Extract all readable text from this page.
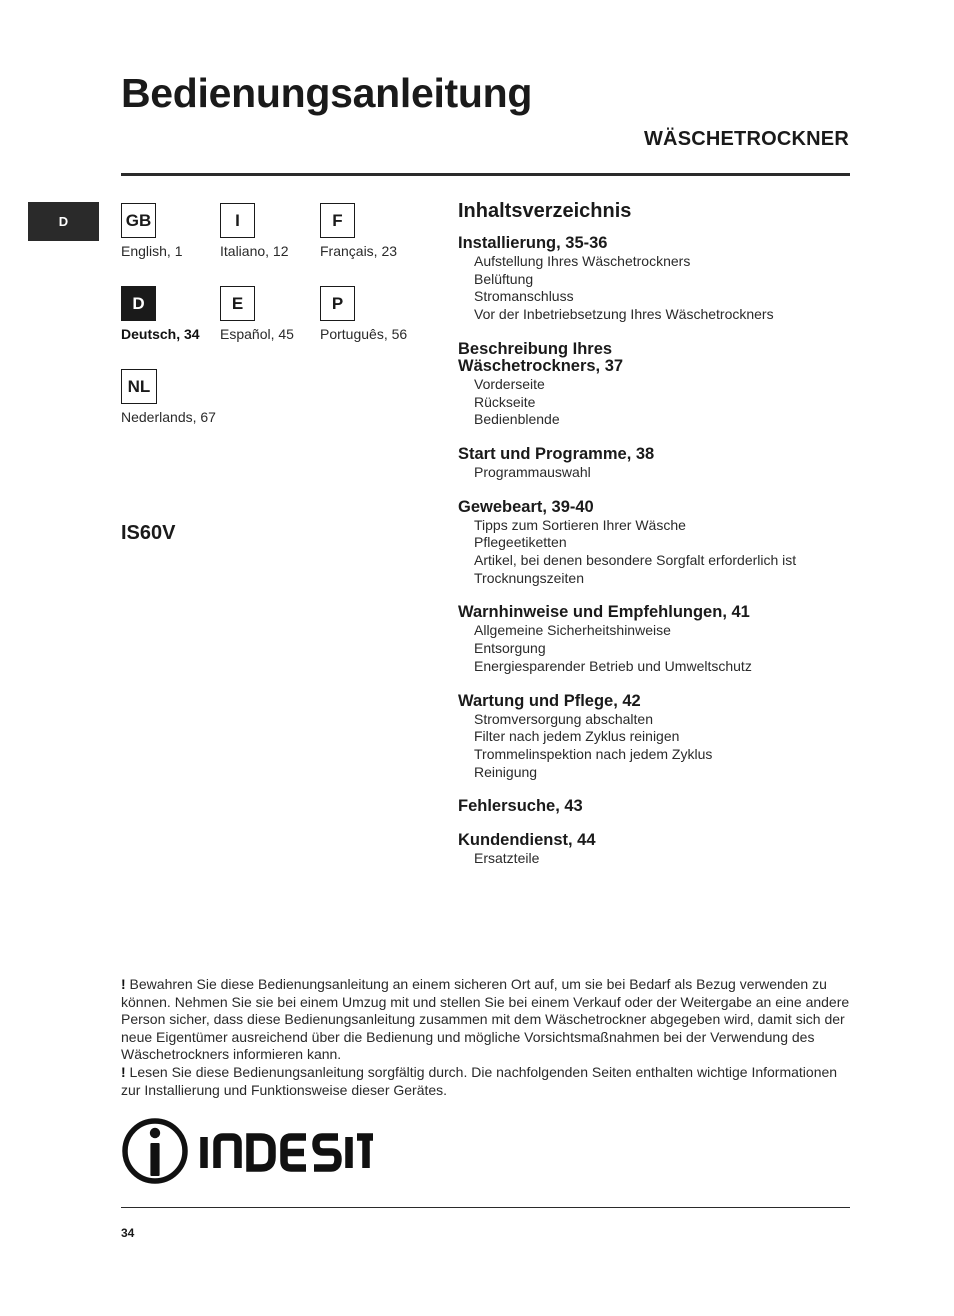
Bedienungsanleitung
WÄSCHETROCKNER
D	GB
English, 1
I
Italiano, 12
F
Français, 23
D
Deutsch, 34
E
Español, 45
P
Português, 56
NL
Nederlands, 67
IS60V
Inhaltsverzeichnis
Installierung, 35-36
Aufstellung Ihres Wäschetrockners
Belüftung
Stromanschluss
Vor der Inbetriebsetzung Ihres Wäschetrockners
Beschreibung Ihres
Wäschetrockners, 37
Vorderseite
Rückseite
Bedienblende
Start und Programme, 38
Programmauswahl
Gewebeart, 39-40
Tipps zum Sortieren Ihrer Wäsche
Pflegeetiketten
Artikel, bei denen besondere Sorgfalt erforderlich ist
Trocknungszeiten
Warnhinweise und Empfehlungen, 41
Allgemeine Sicherheitshinweise
Entsorgung
Energiesparender Betrieb und Umweltschutz
Wartung und Pflege, 42
Stromversorgung abschalten
Filter nach jedem Zyklus reinigen
Trommelinspektion nach jedem Zyklus
Reinigung
Fehlersuche, 43
Kundendienst, 44
Ersatzteile

! Bewahren Sie diese Bedienungsanleitung an einem sicheren Ort auf, um sie bei Bedarf als Bezug verwenden zu können. Nehmen Sie sie bei einem Umzug mit und stellen Sie bei einem Verkauf oder der Weitergabe an eine andere Person sicher, dass diese Bedienungsanleitung zusammen mit dem Wäschetrockner abgegeben wird, damit sich der neue Eigentümer ausreichend über die Bedienung und mögliche Vorsichtsmaßnahmen bei der Verwendung des Wäschetrockners informieren kann.

! Lesen Sie diese Bedienungsanleitung sorgfältig durch. Die nachfolgenden Seiten enthalten wichtige Informationen zur Installierung und Funktionsweise dieser Gerätes.

34
